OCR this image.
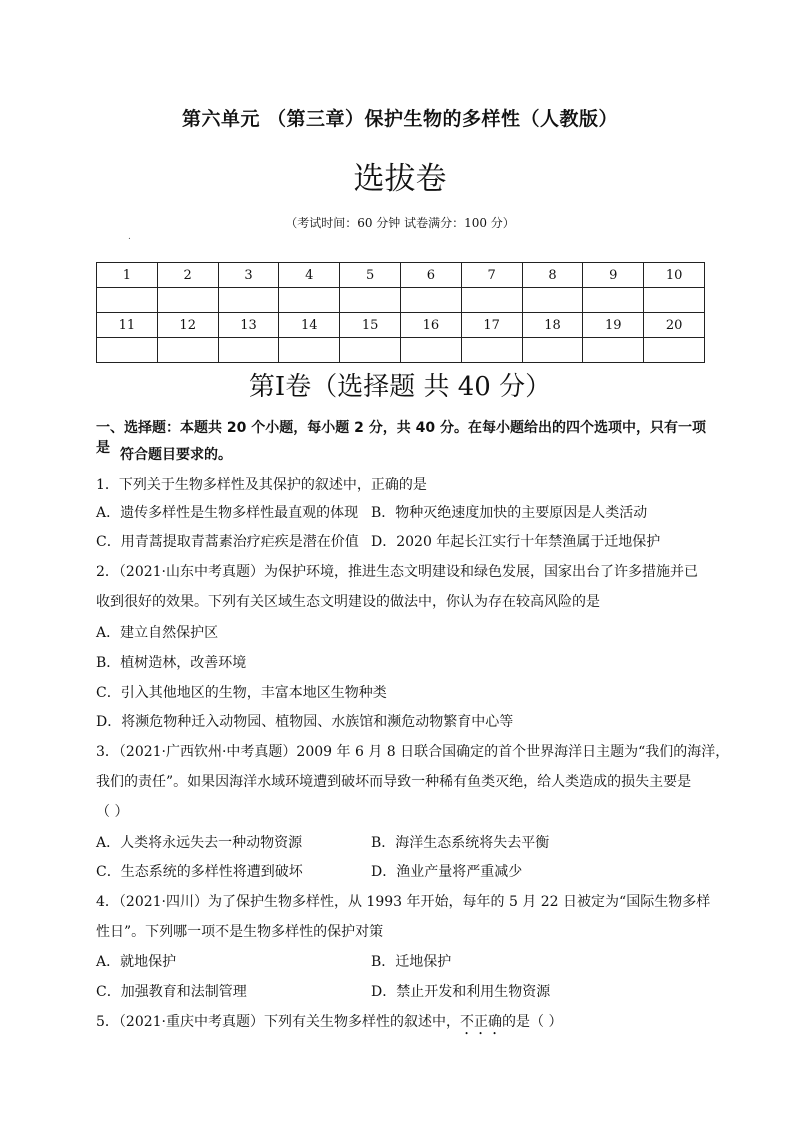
第六单元 （第三章）保护生物的多样性（人教版）
选拔卷
（考试时间：60 分钟 试卷满分：100 分）
.
1	2	3	4	5	6	7	8	9	10

11	12	13	14	15	16	17	18	19	20

第Ⅰ卷（选择题 共 40 分）
一、选择题：本题共 20 个小题，每小题 2 分，共 40 分。在每小题给出的四个选项中，只有一项是 符合题目要求的。
1．下列关于生物多样性及其保护的叙述中，正确的是
A．遗传多样性是生物多样性最直观的体现 B．物种灭绝速度加快的主要原因是人类活动
C．用青蒿提取青蒿素治疗疟疾是潜在价值 D．2020 年起长江实行十年禁渔属于迁地保护
2．（2021·山东中考真题）为保护环境，推进生态文明建设和绿色发展，国家出台了许多措施并已
收到很好的效果。下列有关区域生态文明建设的做法中，你认为存在较高风险的是
A．建立自然保护区
B．植树造林，改善环境
C．引入其他地区的生物，丰富本地区生物种类
D．将濒危物种迁入动物园、植物园、水族馆和濒危动物繁育中心等
3．（2021·广西钦州·中考真题）2009 年 6 月 8 日联合国确定的首个世界海洋日主题为“我们的海洋，
我们的责任”。如果因海洋水域环境遭到破坏而导致一种稀有鱼类灭绝，给人类造成的损失主要是
（ ）
A．人类将永远失去一种动物资源	B．海洋生态系统将失去平衡
C．生态系统的多样性将遭到破坏	D．渔业产量将严重减少
4．（2021·四川）为了保护生物多样性，从 1993 年开始，每年的 5 月 22 日被定为“国际生物多样
性日”。下列哪一项不是生物多样性的保护对策
A．就地保护	B．迁地保护
C．加强教育和法制管理	D．禁止开发和利用生物资源
5．（2021·重庆中考真题）下列有关生物多样性的叙述中，不正确的是（ ）
